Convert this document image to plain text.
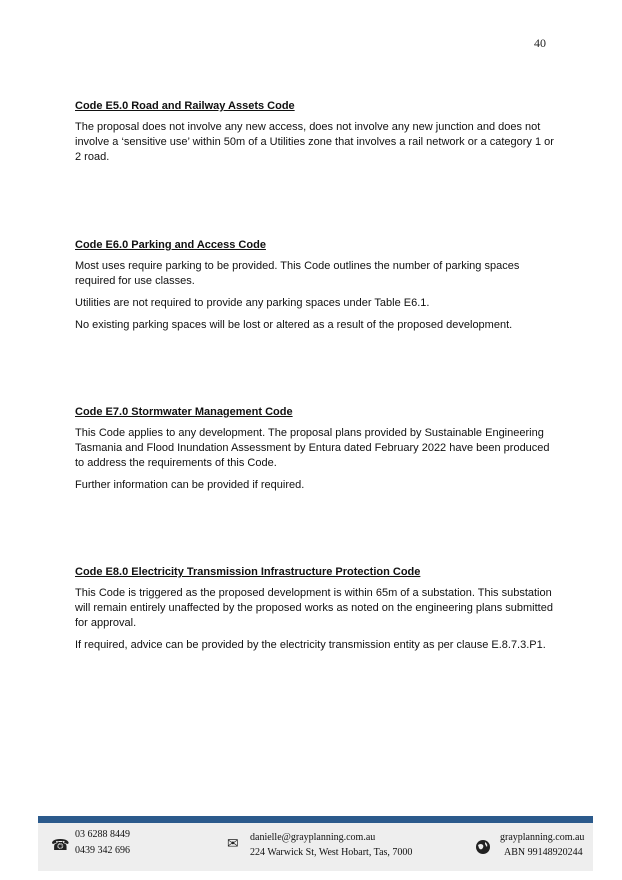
40

Code E5.0 Road and Railway Assets Code

The proposal does not involve any new access, does not involve any new junction and does not involve a ‘sensitive use’ within 50m of a Utilities zone that involves a rail network or a category 1 or 2 road.

Code E6.0 Parking and Access Code

Most uses require parking to be provided. This Code outlines the number of parking spaces required for use classes.

Utilities are not required to provide any parking spaces under Table E6.1.

No existing parking spaces will be lost or altered as a result of the proposed development.

Code E7.0 Stormwater Management Code

This Code applies to any development. The proposal plans provided by Sustainable Engineering Tasmania and Flood Inundation Assessment by Entura dated February 2022 have been produced to address the requirements of this Code.

Further information can be provided if required.

Code E8.0 Electricity Transmission Infrastructure Protection Code

This Code is triggered as the proposed development is within 65m of a substation. This substation will remain entirely unaffected by the proposed works as noted on the engineering plans submitted for approval.

If required, advice can be provided by the electricity transmission entity as per clause E.8.7.3.P1.

☎
03 6288 8449
0439 342 696	✉ danielle@grayplanning.com.au
224 Warwick St, West Hobart, Tas, 7000
grayplanning.com.au
ABN 99148920244
